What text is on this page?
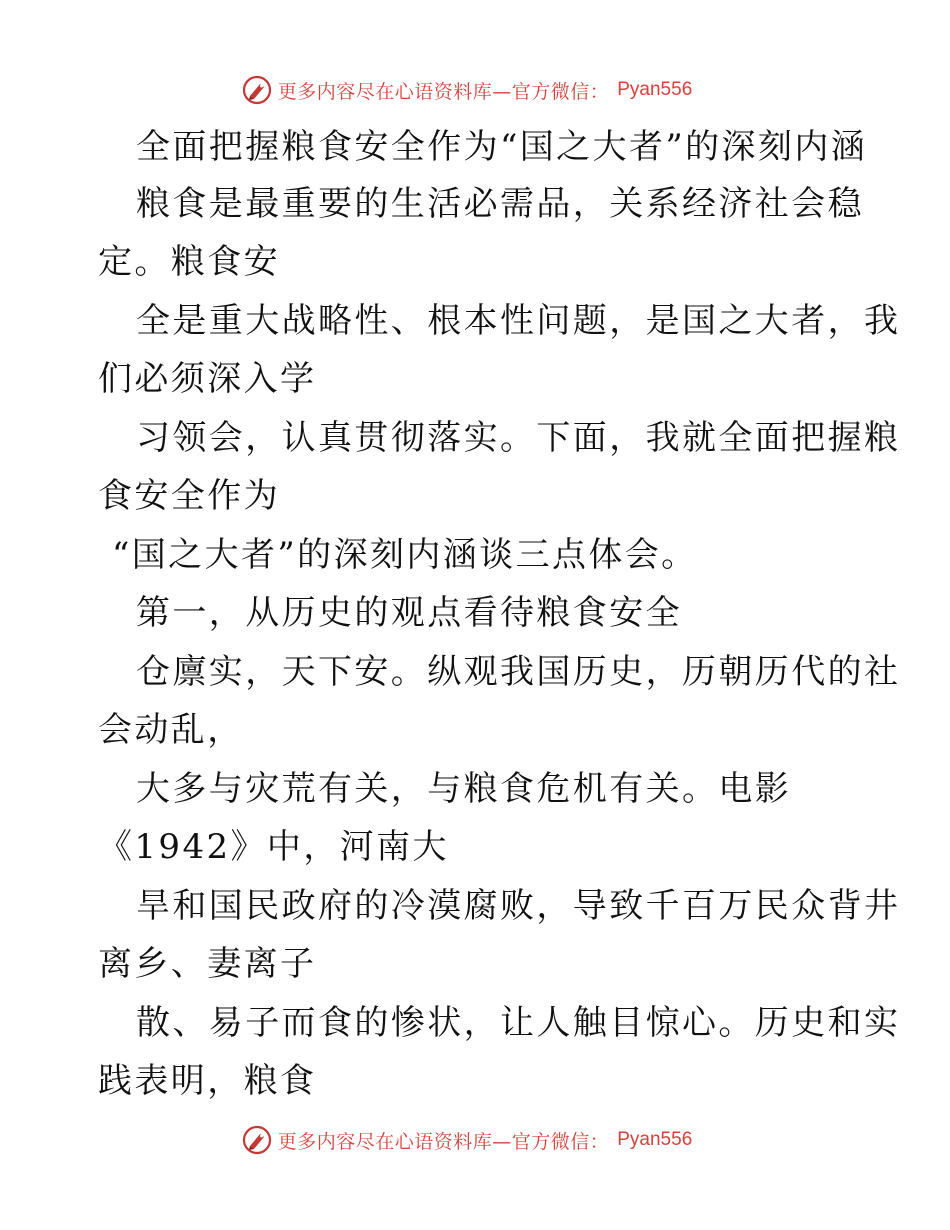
更多内容尽在心语资料库—官方微信： Pyan556
全面把握粮食安全作为“国之大者”的深刻内涵
粮食是最重要的生活必需品，关系经济社会稳
定。粮食安
全是重大战略性、根本性问题，是国之大者，我
们必须深入学
习领会，认真贯彻落实。下面，我就全面把握粮
食安全作为
“国之大者”的深刻内涵谈三点体会。
第一，从历史的观点看待粮食安全
仓廪实，天下安。纵观我国历史，历朝历代的社
会动乱，
大多与灾荒有关，与粮食危机有关。电影
《1942》中，河南大
旱和国民政府的冷漠腐败，导致千百万民众背井
离乡、妻离子
散、易子而食的惨状，让人触目惊心。历史和实
践表明，粮食
更多内容尽在心语资料库—官方微信： Pyan556
